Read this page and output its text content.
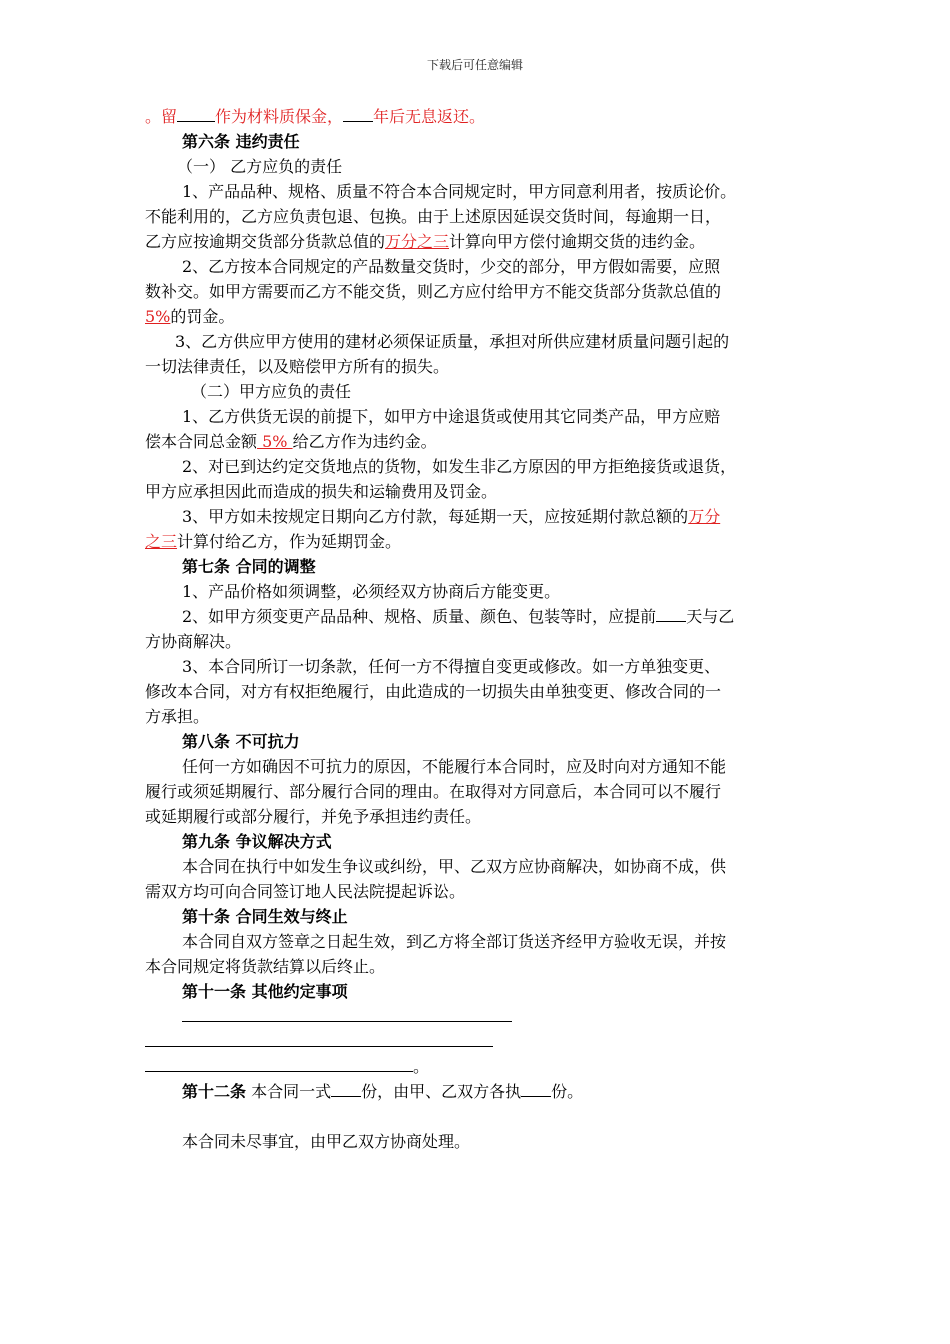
下载后可任意编辑
。留 作为材料质保金， 年后无息返还。
第六条 违约责任
（一） 乙方应负的责任
1、产品品种、规格、质量不符合本合同规定时，甲方同意利用者，按质论价。
不能利用的，乙方应负责包退、包换。由于上述原因延误交货时间，每逾期一日，
乙方应按逾期交货部分货款总值的万分之三计算向甲方偿付逾期交货的违约金。
2、乙方按本合同规定的产品数量交货时，少交的部分，甲方假如需要，应照
数补交。如甲方需要而乙方不能交货，则乙方应付给甲方不能交货部分货款总值的
5%的罚金。
3、乙方供应甲方使用的建材必须保证质量，承担对所供应建材质量问题引起的
一切法律责任，以及赔偿甲方所有的损失。
（二）甲方应负的责任
1、乙方供货无误的前提下，如甲方中途退货或使用其它同类产品，甲方应赔
偿本合同总金额 5% 给乙方作为违约金。
2、对已到达约定交货地点的货物，如发生非乙方原因的甲方拒绝接货或退货，
甲方应承担因此而造成的损失和运输费用及罚金。
3、甲方如未按规定日期向乙方付款，每延期一天，应按延期付款总额的万分
之三计算付给乙方，作为延期罚金。
第七条 合同的调整
1、产品价格如须调整，必须经双方协商后方能变更。
2、如甲方须变更产品品种、规格、质量、颜色、包装等时，应提前 天与乙
方协商解决。
3、本合同所订一切条款，任何一方不得擅自变更或修改。如一方单独变更、
修改本合同，对方有权拒绝履行，由此造成的一切损失由单独变更、修改合同的一
方承担。
第八条 不可抗力
任何一方如确因不可抗力的原因，不能履行本合同时，应及时向对方通知不能
履行或须延期履行、部分履行合同的理由。在取得对方同意后，本合同可以不履行
或延期履行或部分履行，并免予承担违约责任。
第九条 争议解决方式
本合同在执行中如发生争议或纠纷，甲、乙双方应协商解决，如协商不成，供
需双方均可向合同签订地人民法院提起诉讼。
第十条 合同生效与终止
本合同自双方签章之日起生效，到乙方将全部订货送齐经甲方验收无误，并按
本合同规定将货款结算以后终止。
第十一条 其他约定事项
。
第十二条 本合同一式 份，由甲、乙双方各执 份。
本合同未尽事宜，由甲乙双方协商处理。
